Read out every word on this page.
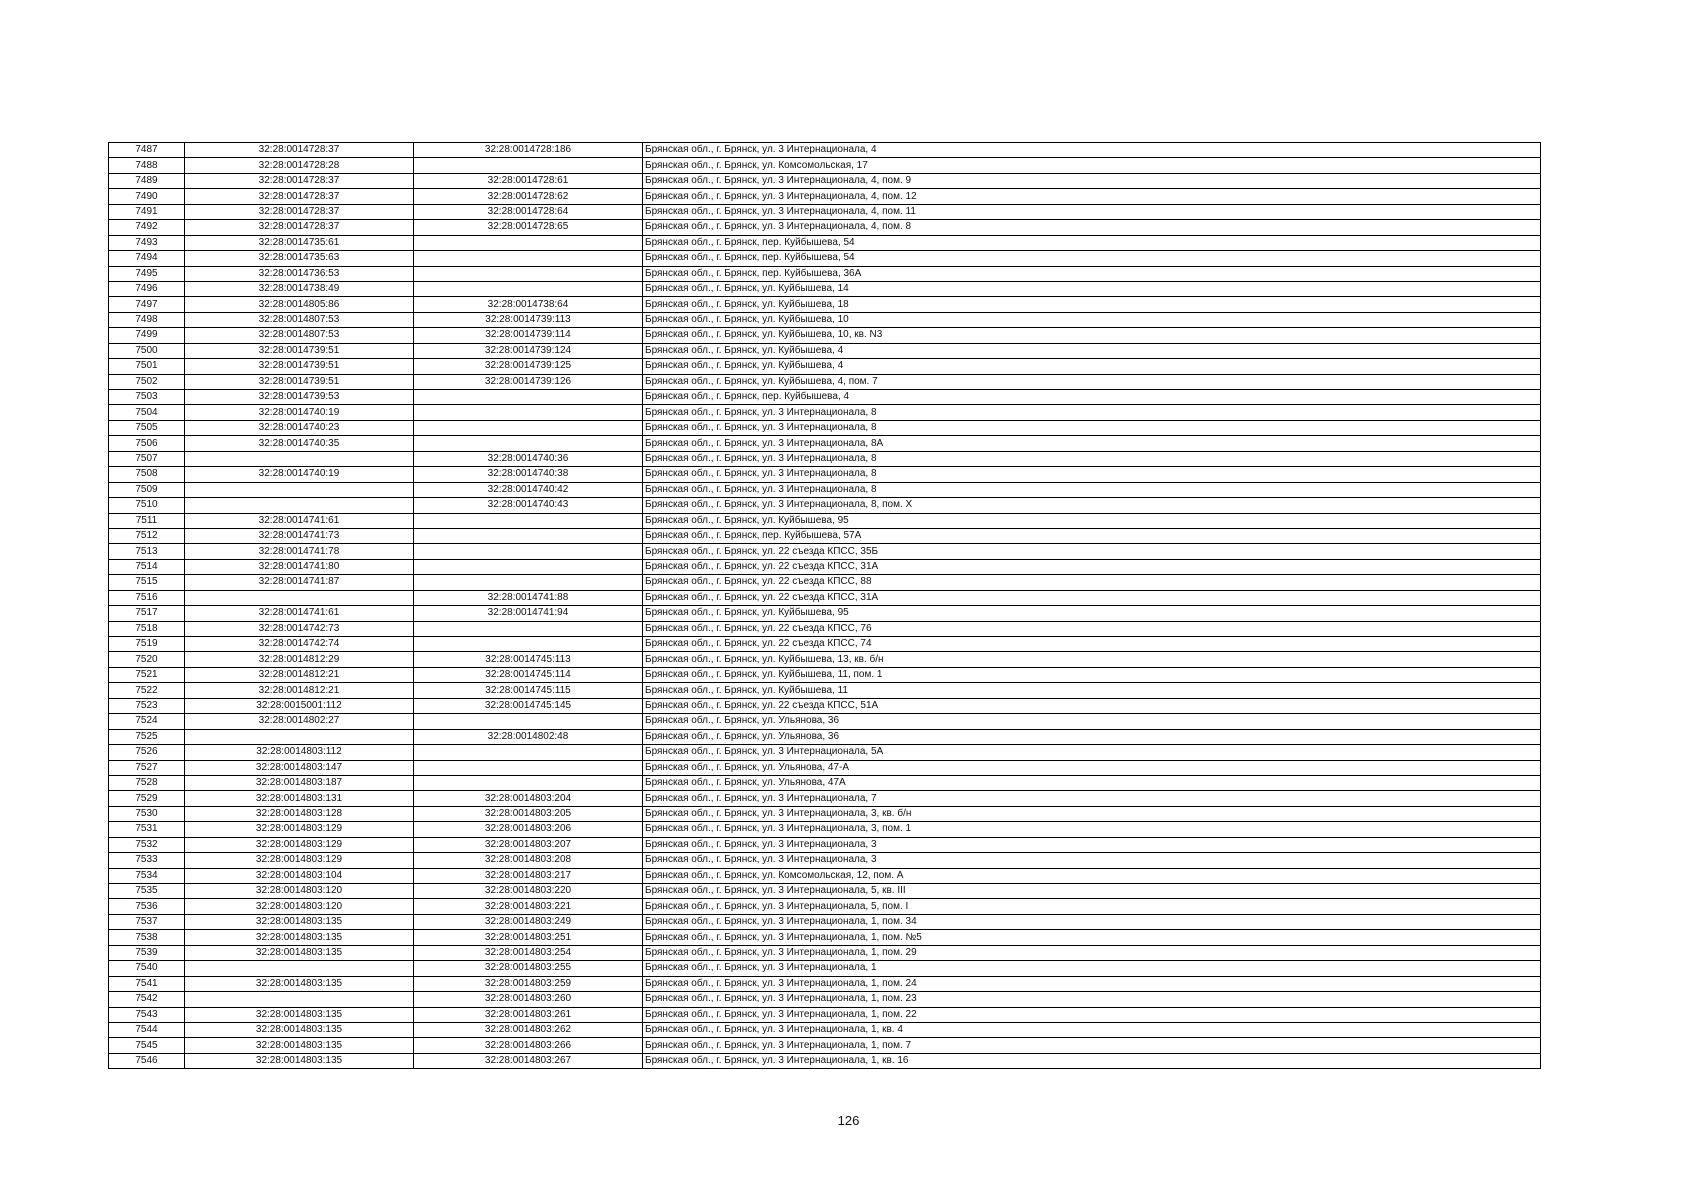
7487	32:28:0014728:37	32:28:0014728:186	Брянская обл., г. Брянск, ул. 3 Интернационала, 4
7488	32:28:0014728:28		Брянская обл., г. Брянск, ул. Комсомольская, 17
7489	32:28:0014728:37	32:28:0014728:61	Брянская обл., г. Брянск, ул. 3 Интернационала, 4, пом. 9
7490	32:28:0014728:37	32:28:0014728:62	Брянская обл., г. Брянск, ул. 3 Интернационала, 4, пом. 12
7491	32:28:0014728:37	32:28:0014728:64	Брянская обл., г. Брянск, ул. 3 Интернационала, 4, пом. 11
7492	32:28:0014728:37	32:28:0014728:65	Брянская обл., г. Брянск, ул. 3 Интернационала, 4, пом. 8
7493	32:28:0014735:61		Брянская обл., г. Брянск, пер. Куйбышева, 54
7494	32:28:0014735:63		Брянская обл., г. Брянск, пер. Куйбышева, 54
7495	32:28:0014736:53		Брянская обл., г. Брянск, пер. Куйбышева, 36А
7496	32:28:0014738:49		Брянская обл., г. Брянск, ул. Куйбышева, 14
7497	32:28:0014805:86	32:28:0014738:64	Брянская обл., г. Брянск, ул. Куйбышева, 18
7498	32:28:0014807:53	32:28:0014739:113	Брянская обл., г. Брянск, ул. Куйбышева, 10
7499	32:28:0014807:53	32:28:0014739:114	Брянская обл., г. Брянск, ул. Куйбышева, 10, кв. N3
7500	32:28:0014739:51	32:28:0014739:124	Брянская обл., г. Брянск, ул. Куйбышева, 4
7501	32:28:0014739:51	32:28:0014739:125	Брянская обл., г. Брянск, ул. Куйбышева, 4
7502	32:28:0014739:51	32:28:0014739:126	Брянская обл., г. Брянск, ул. Куйбышева, 4, пом. 7
7503	32:28:0014739:53		Брянская обл., г. Брянск, пер. Куйбышева, 4
7504	32:28:0014740:19		Брянская обл., г. Брянск, ул. 3 Интернационала, 8
7505	32:28:0014740:23		Брянская обл., г. Брянск, ул. 3 Интернационала, 8
7506	32:28:0014740:35		Брянская обл., г. Брянск, ул. 3 Интернационала, 8А
7507		32:28:0014740:36	Брянская обл., г. Брянск, ул. 3 Интернационала, 8
7508	32:28:0014740:19	32:28:0014740:38	Брянская обл., г. Брянск, ул. 3 Интернационала, 8
7509		32:28:0014740:42	Брянская обл., г. Брянск, ул. 3 Интернационала, 8
7510		32:28:0014740:43	Брянская обл., г. Брянск, ул. 3 Интернационала, 8, пом. X
7511	32:28:0014741:61		Брянская обл., г. Брянск, ул. Куйбышева, 95
7512	32:28:0014741:73		Брянская обл., г. Брянск, пер. Куйбышева, 57А
7513	32:28:0014741:78		Брянская обл., г. Брянск, ул. 22 съезда КПСС, 35Б
7514	32:28:0014741:80		Брянская обл., г. Брянск, ул. 22 съезда КПСС, 31А
7515	32:28:0014741:87		Брянская обл., г. Брянск, ул. 22 съезда КПСС, 88
7516		32:28:0014741:88	Брянская обл., г. Брянск, ул. 22 съезда КПСС, 31А
7517	32:28:0014741:61	32:28:0014741:94	Брянская обл., г. Брянск, ул. Куйбышева, 95
7518	32:28:0014742:73		Брянская обл., г. Брянск, ул. 22 съезда КПСС, 76
7519	32:28:0014742:74		Брянская обл., г. Брянск, ул. 22 съезда КПСС, 74
7520	32:28:0014812:29	32:28:0014745:113	Брянская обл., г. Брянск, ул. Куйбышева, 13, кв. б/н
7521	32:28:0014812:21	32:28:0014745:114	Брянская обл., г. Брянск, ул. Куйбышева, 11, пом. 1
7522	32:28:0014812:21	32:28:0014745:115	Брянская обл., г. Брянск, ул. Куйбышева, 11
7523	32:28:0015001:112	32:28:0014745:145	Брянская обл., г. Брянск, ул. 22 съезда КПСС, 51А
7524	32:28:0014802:27		Брянская обл., г. Брянск, ул. Ульянова, 36
7525		32:28:0014802:48	Брянская обл., г. Брянск, ул. Ульянова, 36
7526	32:28:0014803:112		Брянская обл., г. Брянск, ул. 3 Интернационала, 5А
7527	32:28:0014803:147		Брянская обл., г. Брянск, ул. Ульянова, 47-А
7528	32:28:0014803:187		Брянская обл., г. Брянск, ул. Ульянова, 47А
7529	32:28:0014803:131	32:28:0014803:204	Брянская обл., г. Брянск, ул. 3 Интернационала, 7
7530	32:28:0014803:128	32:28:0014803:205	Брянская обл., г. Брянск, ул. 3 Интернационала, 3, кв. б/н
7531	32:28:0014803:129	32:28:0014803:206	Брянская обл., г. Брянск, ул. 3 Интернационала, 3, пом. 1
7532	32:28:0014803:129	32:28:0014803:207	Брянская обл., г. Брянск, ул. 3 Интернационала, 3
7533	32:28:0014803:129	32:28:0014803:208	Брянская обл., г. Брянск, ул. 3 Интернационала, 3
7534	32:28:0014803:104	32:28:0014803:217	Брянская обл., г. Брянск, ул. Комсомольская, 12, пом. А
7535	32:28:0014803:120	32:28:0014803:220	Брянская обл., г. Брянск, ул. 3 Интернационала, 5, кв. III
7536	32:28:0014803:120	32:28:0014803:221	Брянская обл., г. Брянск, ул. 3 Интернационала, 5, пом. I
7537	32:28:0014803:135	32:28:0014803:249	Брянская обл., г. Брянск, ул. 3 Интернационала, 1, пом. 34
7538	32:28:0014803:135	32:28:0014803:251	Брянская обл., г. Брянск, ул. 3 Интернационала, 1, пом. №5
7539	32:28:0014803:135	32:28:0014803:254	Брянская обл., г. Брянск, ул. 3 Интернационала, 1, пом. 29
7540		32:28:0014803:255	Брянская обл., г. Брянск, ул. 3 Интернационала, 1
7541	32:28:0014803:135	32:28:0014803:259	Брянская обл., г. Брянск, ул. 3 Интернационала, 1, пом. 24
7542		32:28:0014803:260	Брянская обл., г. Брянск, ул. 3 Интернационала, 1, пом. 23
7543	32:28:0014803:135	32:28:0014803:261	Брянская обл., г. Брянск, ул. 3 Интернационала, 1, пом. 22
7544	32:28:0014803:135	32:28:0014803:262	Брянская обл., г. Брянск, ул. 3 Интернационала, 1, кв. 4
7545	32:28:0014803:135	32:28:0014803:266	Брянская обл., г. Брянск, ул. 3 Интернационала, 1, пом. 7
7546	32:28:0014803:135	32:28:0014803:267	Брянская обл., г. Брянск, ул. 3 Интернационала, 1, кв. 16
126
